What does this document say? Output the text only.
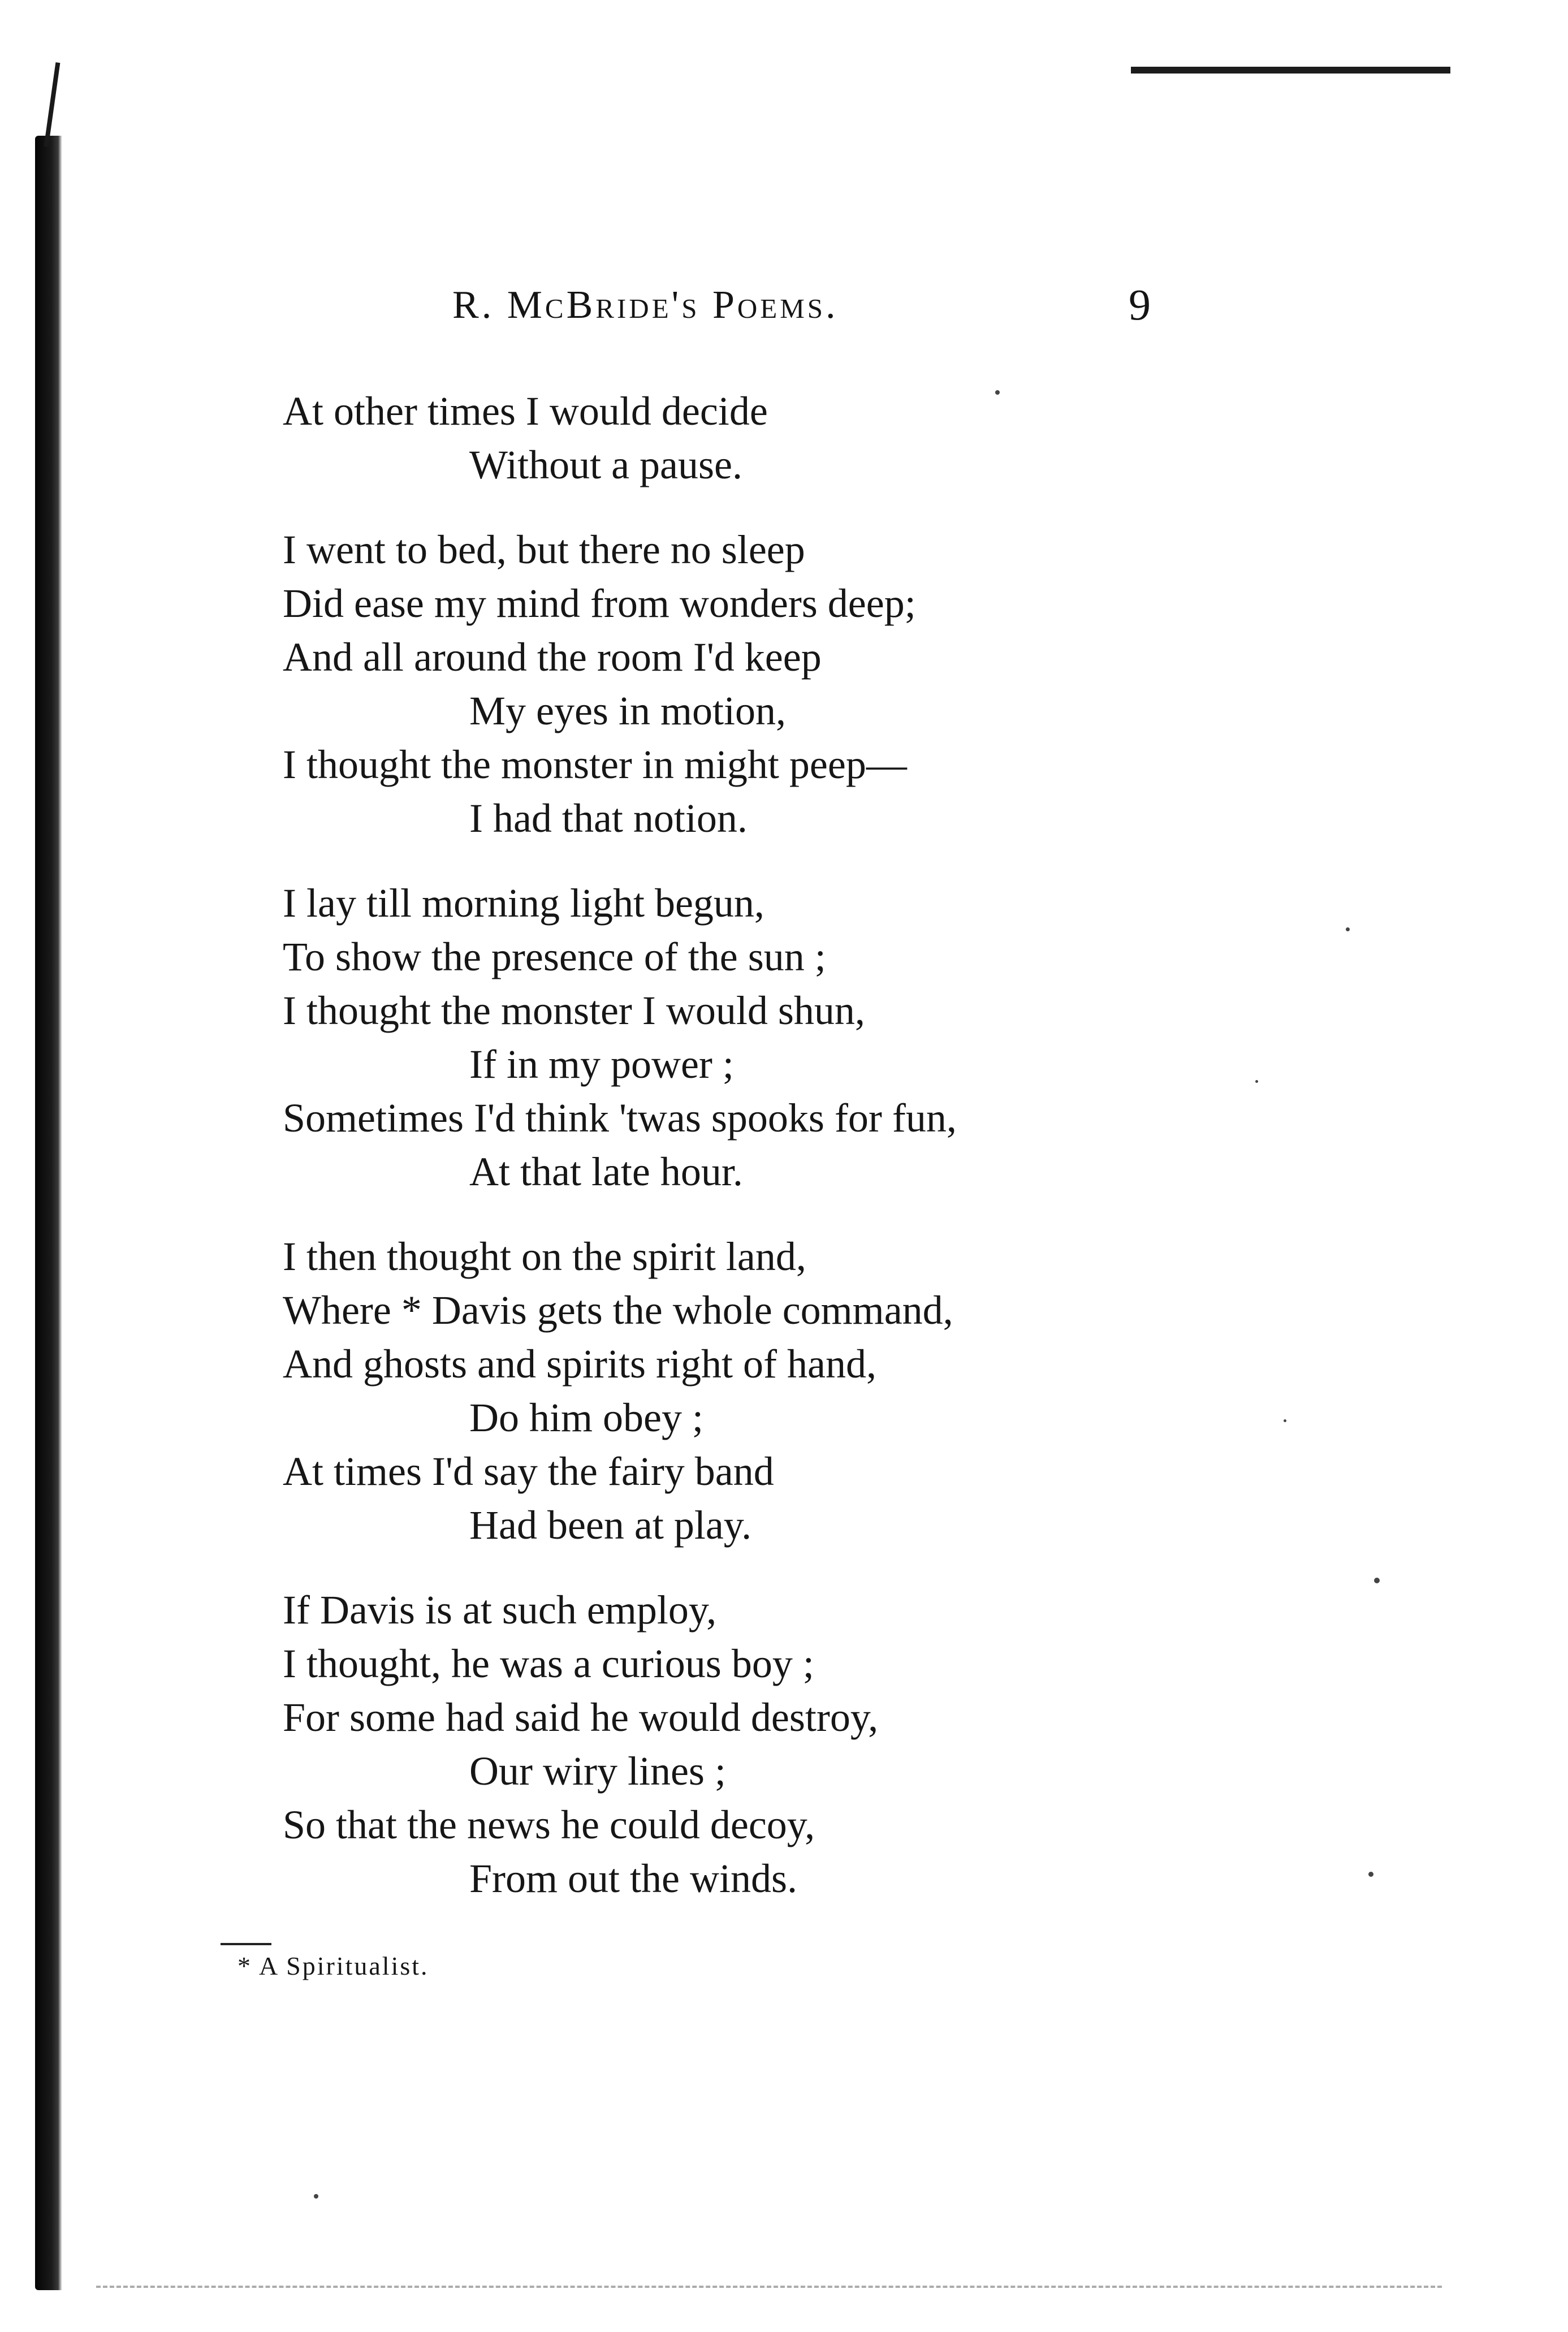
R. McBride's Poems.	9
At other times I would decide
Without a pause.
I went to bed, but there no sleep
Did ease my mind from wonders deep;
And all around the room I'd keep
My eyes in motion,
I thought the monster in might peep—
I had that notion.
I lay till morning light begun,
To show the presence of the sun ;
I thought the monster I would shun,
If in my power ;
Sometimes I'd think 'twas spooks for fun,
At that late hour.
I then thought on the spirit land,
Where * Davis gets the whole command,
And ghosts and spirits right of hand,
Do him obey ;
At times I'd say the fairy band
Had been at play.
If Davis is at such employ,
I thought, he was a curious boy ;
For some had said he would destroy,
Our wiry lines ;
So that the news he could decoy,
From out the winds.
* A Spiritualist.
